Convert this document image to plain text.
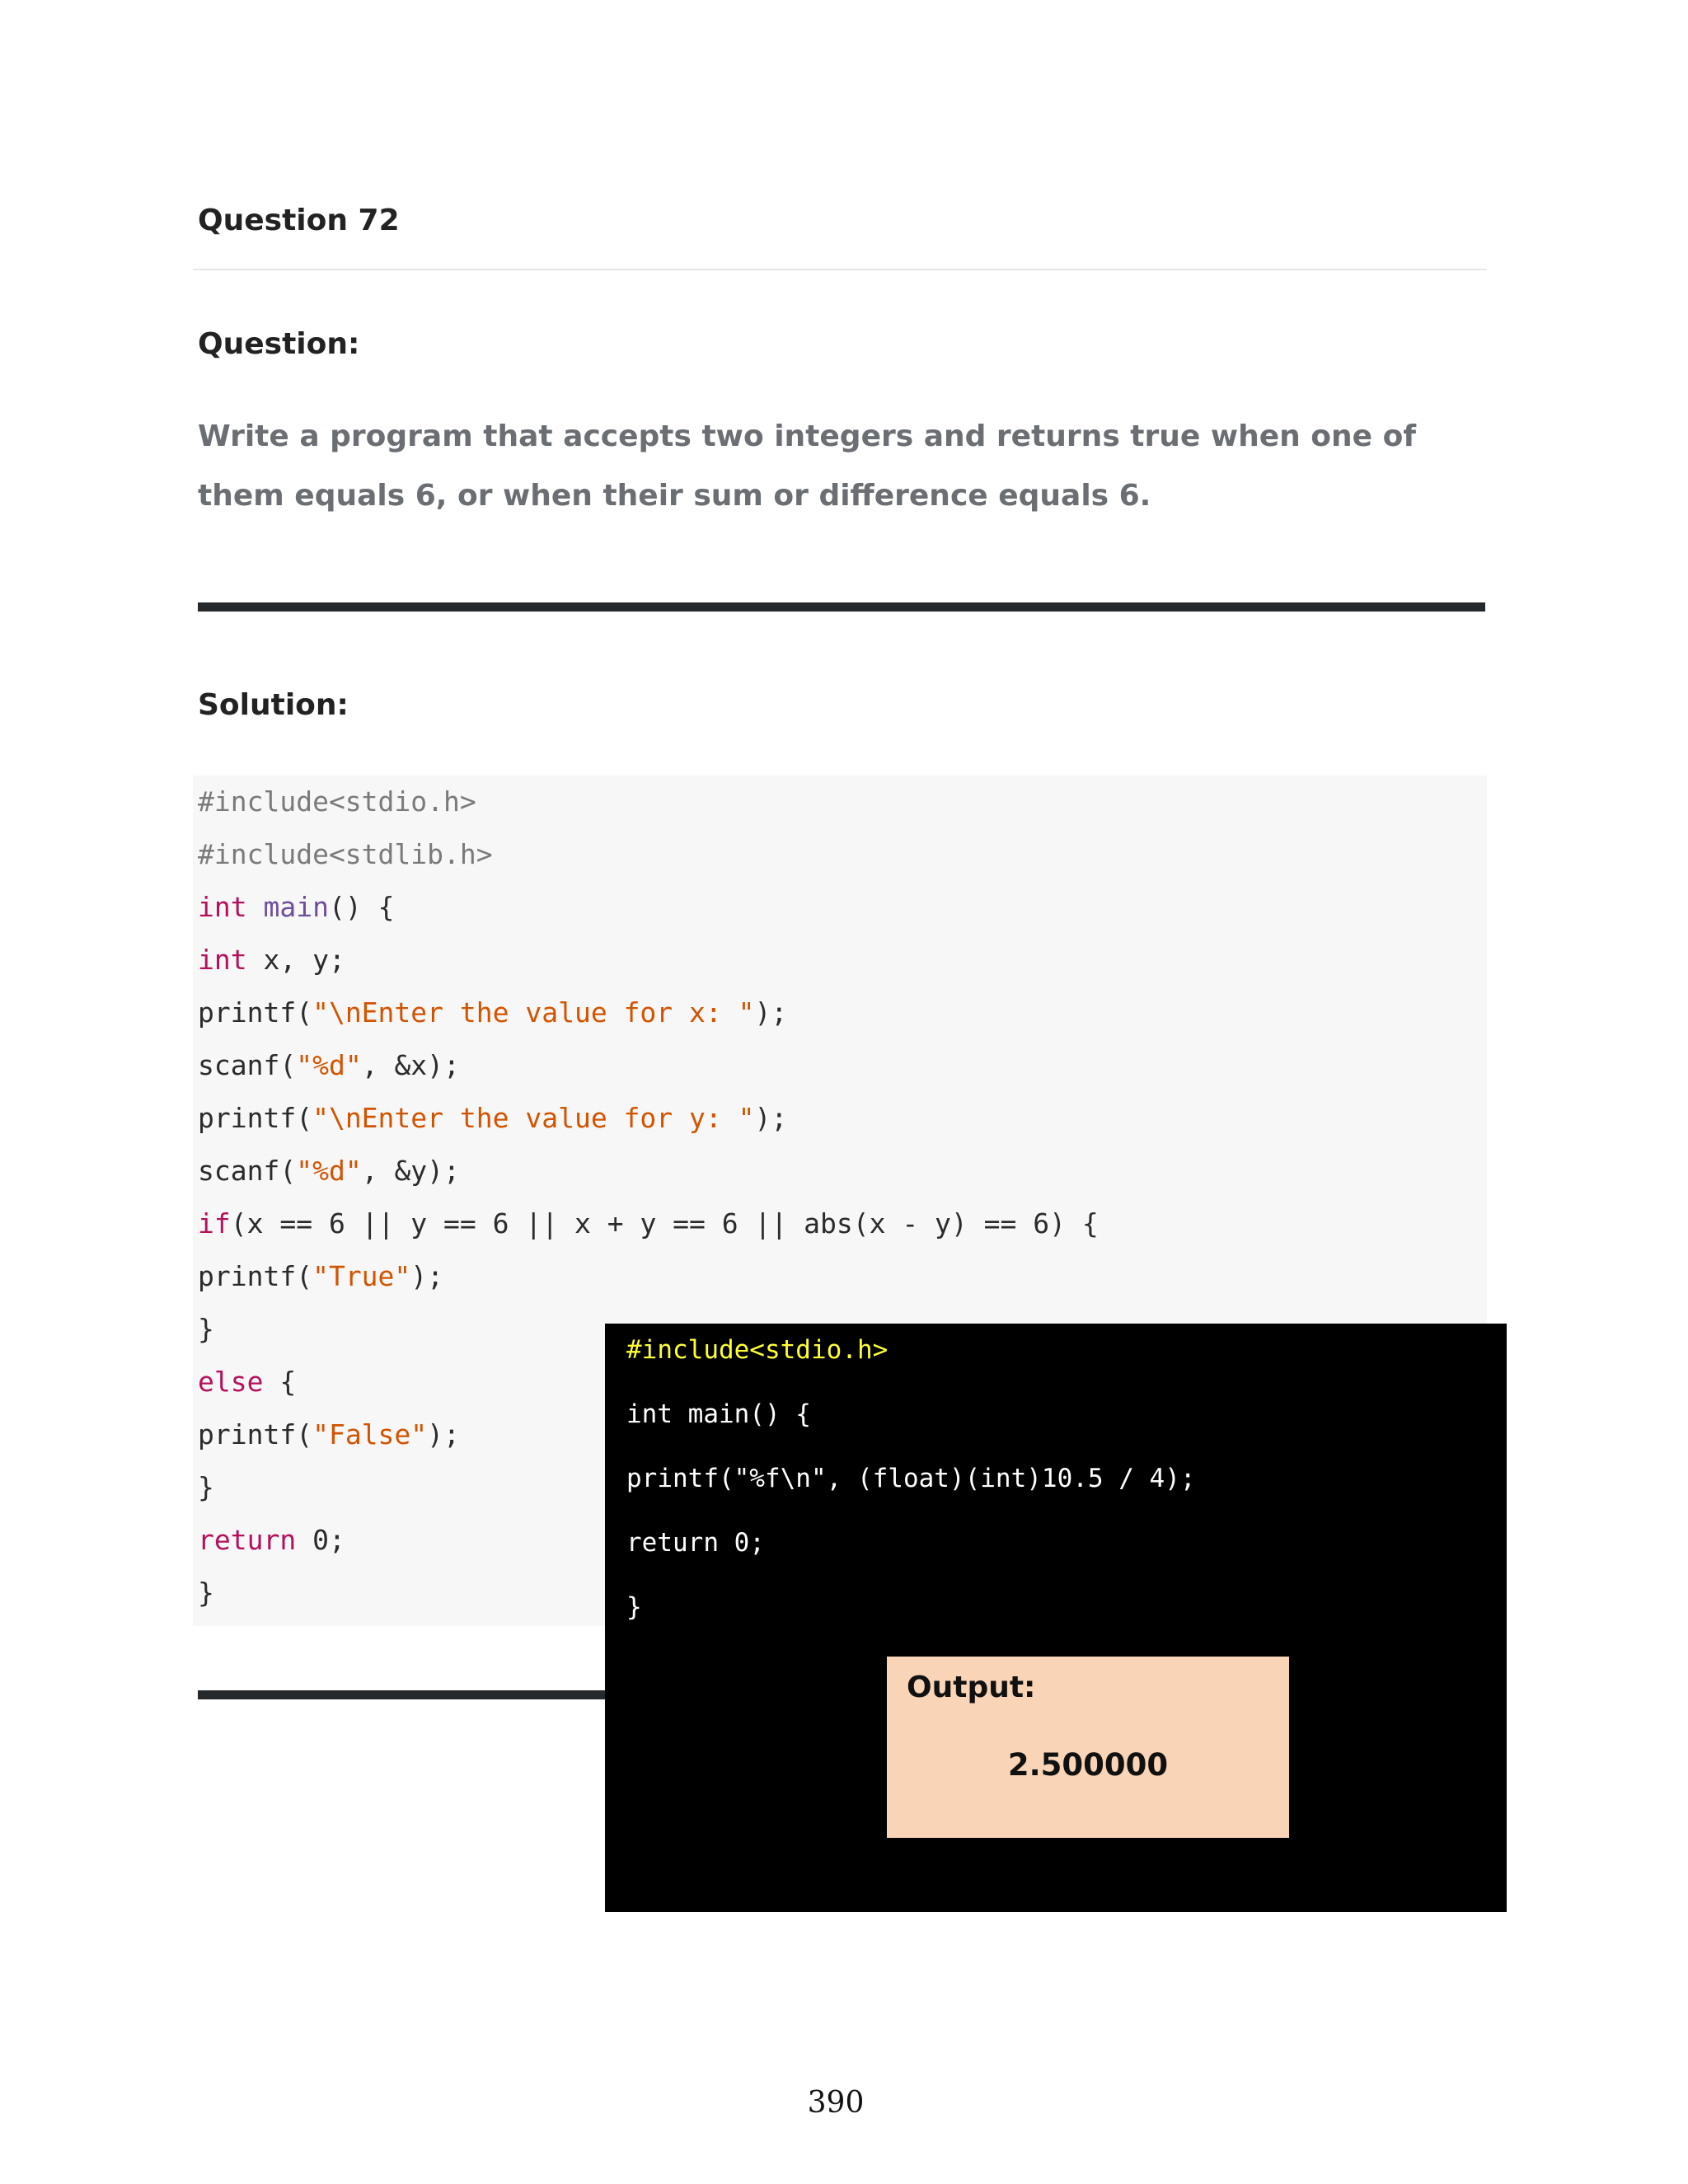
Question 72
Question:
Write a program that accepts two integers and returns true when one of them equals 6, or when their sum or difference equals 6.
Solution:
#include<stdio.h>
#include<stdlib.h>
int main() {
int x, y;
printf("\nEnter the value for x: ");
scanf("%d", &x);
printf("\nEnter the value for y: ");
scanf("%d", &y);
if(x == 6 || y == 6 || x + y == 6 || abs(x - y) == 6) {
printf("True");
}
else {
printf("False");
}
return 0;
}
#include<stdio.h>
int main() {
printf("%f\n", (float)(int)10.5 / 4);
return 0;
}
Output:
2.500000
390
